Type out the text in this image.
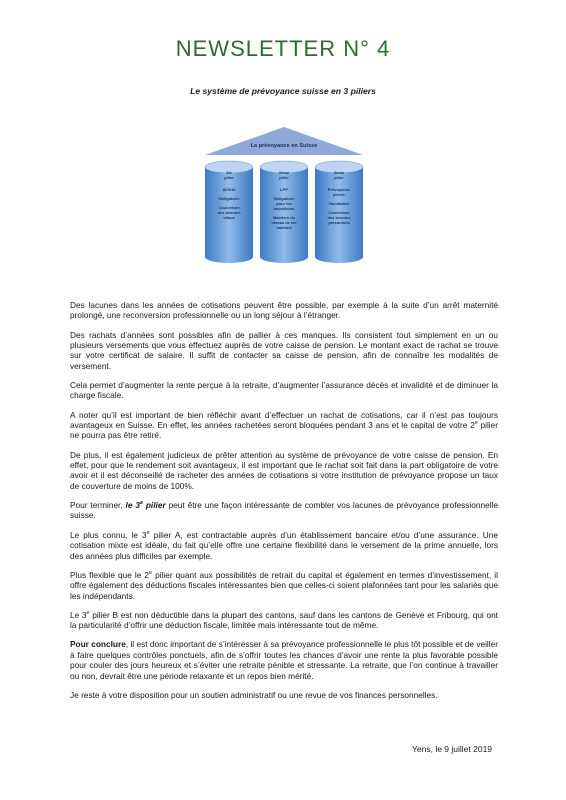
NEWSLETTER N° 4
Le système de prévoyance suisse en 3 piliers
La prévoyance en Suisse
1er
pilier
AVS/AI
Obligatoire
Couverture
des besoins
vitaux
2ème
pilier
LPP
Obligatoire
pour les
travailleurs
Maintien du
niveau de vie
habituel
3ème
pilier
Prévoyance
privée
Facultative
Couverture
des besoins
personnels

Des lacunes dans les années de cotisations peuvent être possible, par exemple à la suite d’un arrêt maternité prolongé, une reconversion professionnelle ou un long séjour à l’étranger.

Des rachats d’années sont possibles afin de pallier à ces manques. Ils consistent tout simplement en un ou plusieurs versements que vous effectuez auprès de votre caisse de pension. Le montant exact de rachat se trouve sur votre certificat de salaire. Il suffit de contacter sa caisse de pension, afin de connaître les modalités de versement.

Cela permet d’augmenter la rente perçue à la retraite, d’augmenter l’assurance décès et invalidité et de diminuer la charge fiscale.

A noter qu’il est important de bien réfléchir avant d’effectuer un rachat de cotisations, car il n’est pas toujours avantageux en Suisse. En effet, les années rachetées seront bloquées pendant 3 ans et le capital de votre 2e pilier ne pourra pas être retiré.

De plus, il est également judicieux de prêter attention au système de prévoyance de votre caisse de pension. En effet, pour que le rendement soit avantageux, il est important que le rachat soit fait dans la part obligatoire de votre avoir et il est déconseillé de racheter des années de cotisations si votre institution de prévoyance propose un taux de couverture de moins de 100%.

Pour terminer, le 3e pilier peut être une façon intéressante de combler vos lacunes de prévoyance professionnelle suisse.

Le plus connu, le 3e pilier A, est contractable auprès d’un établissement bancaire et/ou d’une assurance. Une cotisation mixte est idéale, du fait qu’elle offre une certaine flexibilité dans le versement de la prime annuelle, lors des années plus difficiles par exemple.

Plus flexible que le 2e pilier quant aux possibilités de retrait du capital et également en termes d’investissement, il offre également des déductions fiscales intéressantes bien que celles-ci soient plafonnées tant pour les salariés que les indépendants.

Le 3e pilier B est non déductible dans la plupart des cantons, sauf dans les cantons de Genève et Fribourg, qui ont la particularité d’offrir une déduction fiscale, limitée mais intéressante tout de même.

Pour conclure, il est donc important de s’intéresser à sa prévoyance professionnelle le plus tôt possible et de veiller à faire quelques contrôles ponctuels, afin de s’offrir toutes les chances d’avoir une rente la plus favorable possible pour couler des jours heureux et s’éviter une retraite pénible et stressante. La retraite, que l’on continue à travailler ou non, devrait être une période relaxante et un repos bien mérité.

Je reste à votre disposition pour un soutien administratif ou une revue de vos finances personnelles.

Yens, le 9 juillet 2019
